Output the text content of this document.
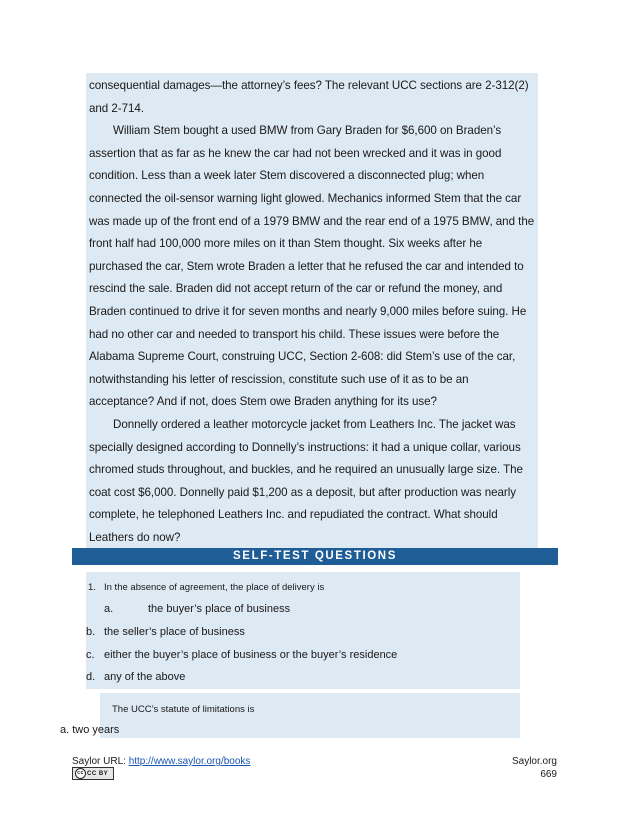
consequential damages—the attorney’s fees? The relevant UCC sections are 2-312(2) and 2-714.

William Stem bought a used BMW from Gary Braden for $6,600 on Braden’s assertion that as far as he knew the car had not been wrecked and it was in good condition. Less than a week later Stem discovered a disconnected plug; when connected the oil-sensor warning light glowed. Mechanics informed Stem that the car was made up of the front end of a 1979 BMW and the rear end of a 1975 BMW, and the front half had 100,000 more miles on it than Stem thought. Six weeks after he purchased the car, Stem wrote Braden a letter that he refused the car and intended to rescind the sale. Braden did not accept return of the car or refund the money, and Braden continued to drive it for seven months and nearly 9,000 miles before suing. He had no other car and needed to transport his child. These issues were before the Alabama Supreme Court, construing UCC, Section 2-608: did Stem’s use of the car, notwithstanding his letter of rescission, constitute such use of it as to be an acceptance? And if not, does Stem owe Braden anything for its use?

Donnelly ordered a leather motorcycle jacket from Leathers Inc. The jacket was specially designed according to Donnelly’s instructions: it had a unique collar, various chromed studs throughout, and buckles, and he required an unusually large size. The coat cost $6,000. Donnelly paid $1,200 as a deposit, but after production was nearly complete, he telephoned Leathers Inc. and repudiated the contract. What should Leathers do now?

SELF-TEST QUESTIONS
1. In the absence of agreement, the place of delivery is
a.	the buyer’s place of business
b. the seller’s place of business
c. either the buyer’s place of business or the buyer’s residence
d. any of the above
The UCC’s statute of limitations is
a. two years
Saylor URL: http://www.saylor.org/books
cc CC BY
Saylor.org
669
